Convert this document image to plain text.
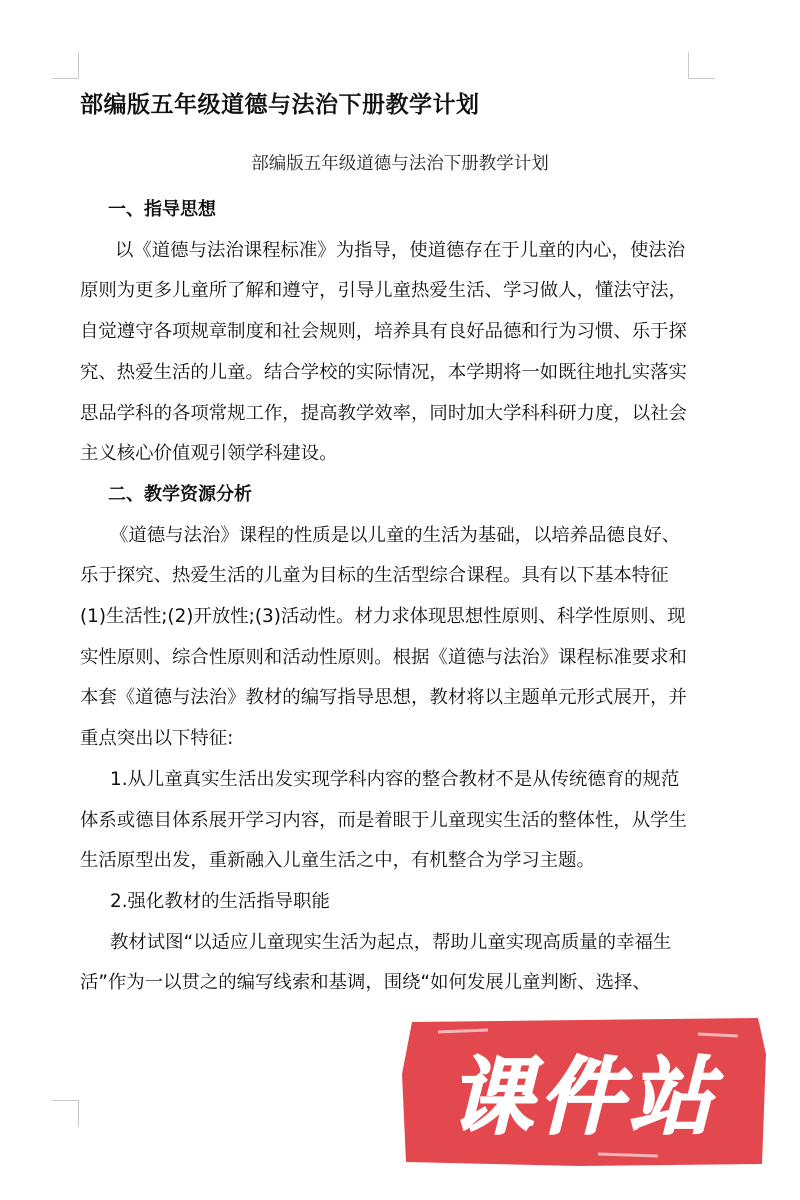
部编版五年级道德与法治下册教学计划
部编版五年级道德与法治下册教学计划

一、指导思想

以《道德与法治课程标准》为指导，使道德存在于儿童的内心，使法治原则为更多儿童所了解和遵守，引导儿童热爱生活、学习做人，懂法守法，自觉遵守各项规章制度和社会规则，培养具有良好品德和行为习惯、乐于探究、热爱生活的儿童。结合学校的实际情况，本学期将一如既往地扎实落实思品学科的各项常规工作，提高教学效率，同时加大学科科研力度，以社会主义核心价值观引领学科建设。

二、教学资源分析

《道德与法治》课程的性质是以儿童的生活为基础，以培养品德良好、乐于探究、热爱生活的儿童为目标的生活型综合课程。具有以下基本特征(1)生活性;(2)开放性;(3)活动性。材力求体现思想性原则、科学性原则、现实性原则、综合性原则和活动性原则。根据《道德与法治》课程标准要求和本套《道德与法治》教材的编写指导思想，教材将以主题单元形式展开，并重点突出以下特征:

1.从儿童真实生活出发实现学科内容的整合教材不是从传统德育的规范体系或德目体系展开学习内容，而是着眼于儿童现实生活的整体性，从学生生活原型出发，重新融入儿童生活之中，有机整合为学习主题。

2.强化教材的生活指导职能

教材试图“以适应儿童现实生活为起点，帮助儿童实现高质量的幸福生活”作为一以贯之的编写线索和基调，围绕“如何发展儿童判断、选择、

课件站
